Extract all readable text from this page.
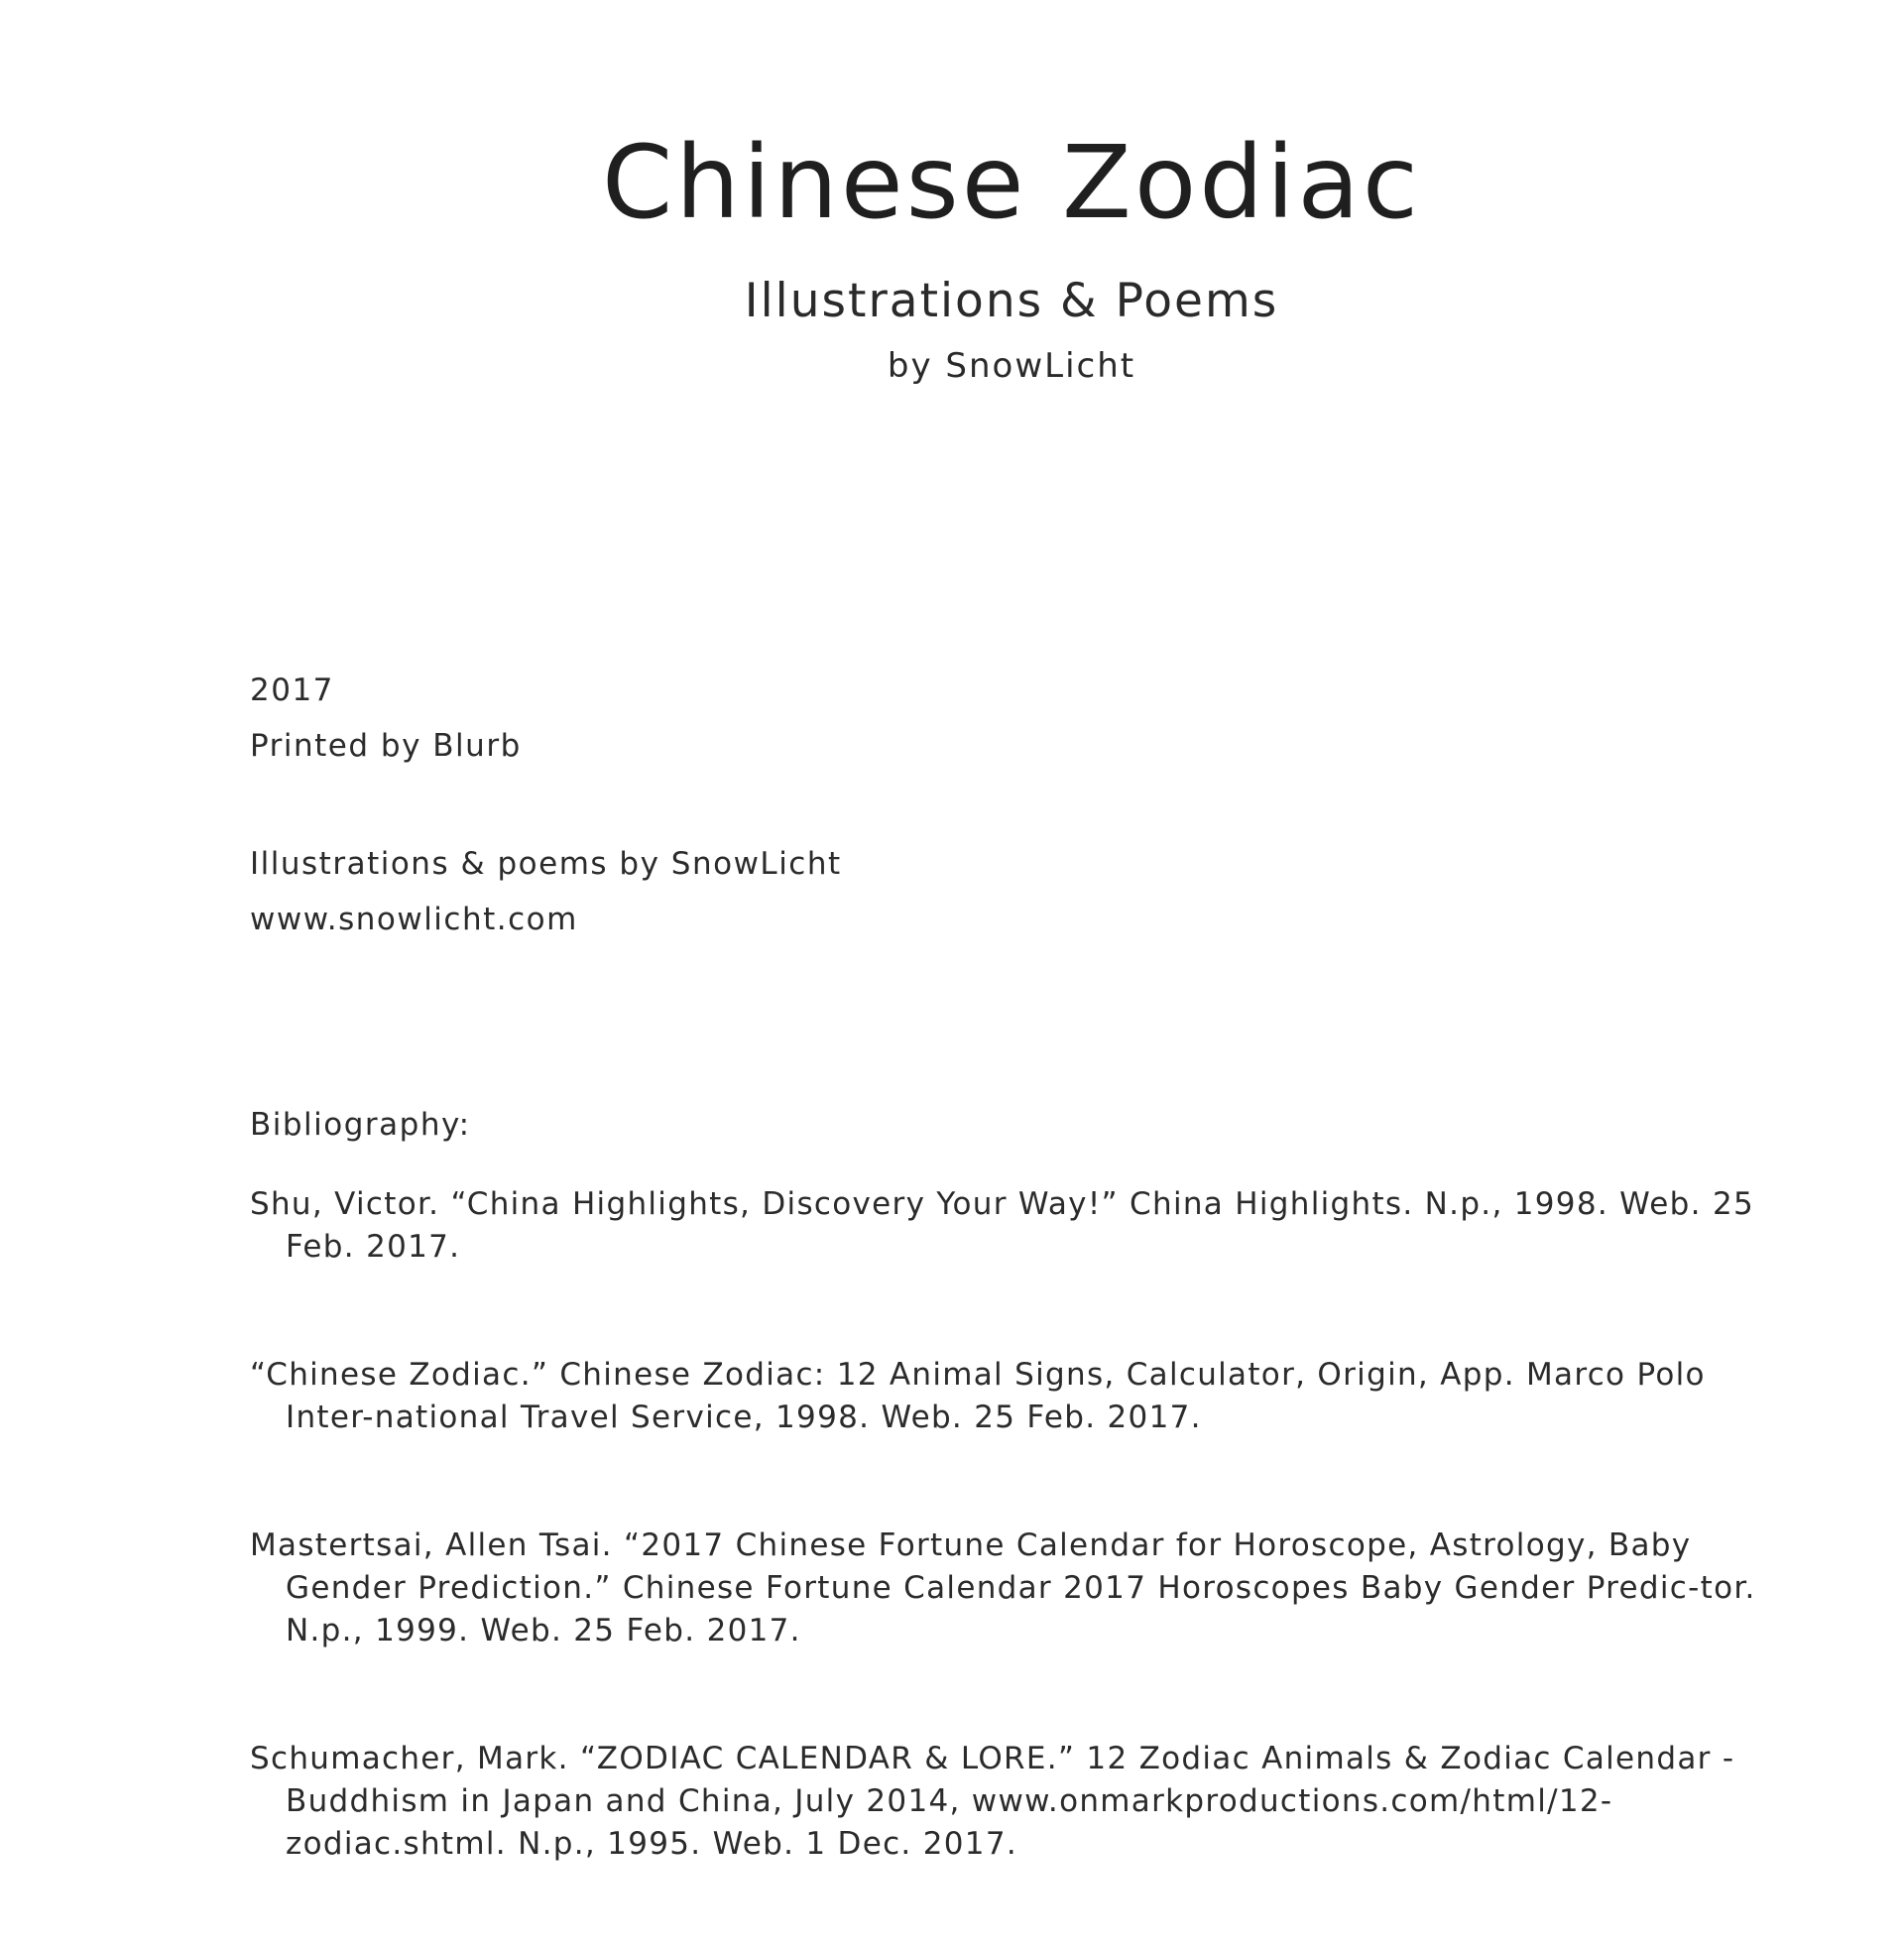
Chinese Zodiac
Illustrations & Poems
by SnowLicht
2017
Printed by Blurb
Illustrations & poems by SnowLicht
www.snowlicht.com
Bibliography:

Shu, Victor. “China Highlights, Discovery Your Way!” China Highlights. N.p., 1998. Web. 25 Feb. 2017.

“Chinese Zodiac.” Chinese Zodiac: 12 Animal Signs, Calculator, Origin, App. Marco Polo Inter-national Travel Service, 1998. Web. 25 Feb. 2017.

Mastertsai, Allen Tsai. “2017 Chinese Fortune Calendar for Horoscope, Astrology, Baby Gender Prediction.” Chinese Fortune Calendar 2017 Horoscopes Baby Gender Predic-tor. N.p., 1999. Web. 25 Feb. 2017.

Schumacher, Mark. “ZODIAC CALENDAR & LORE.” 12 Zodiac Animals & Zodiac Calendar - Buddhism in Japan and China, July 2014, www.onmarkproductions.com/html/12-zodiac.shtml. N.p., 1995. Web. 1 Dec. 2017.
